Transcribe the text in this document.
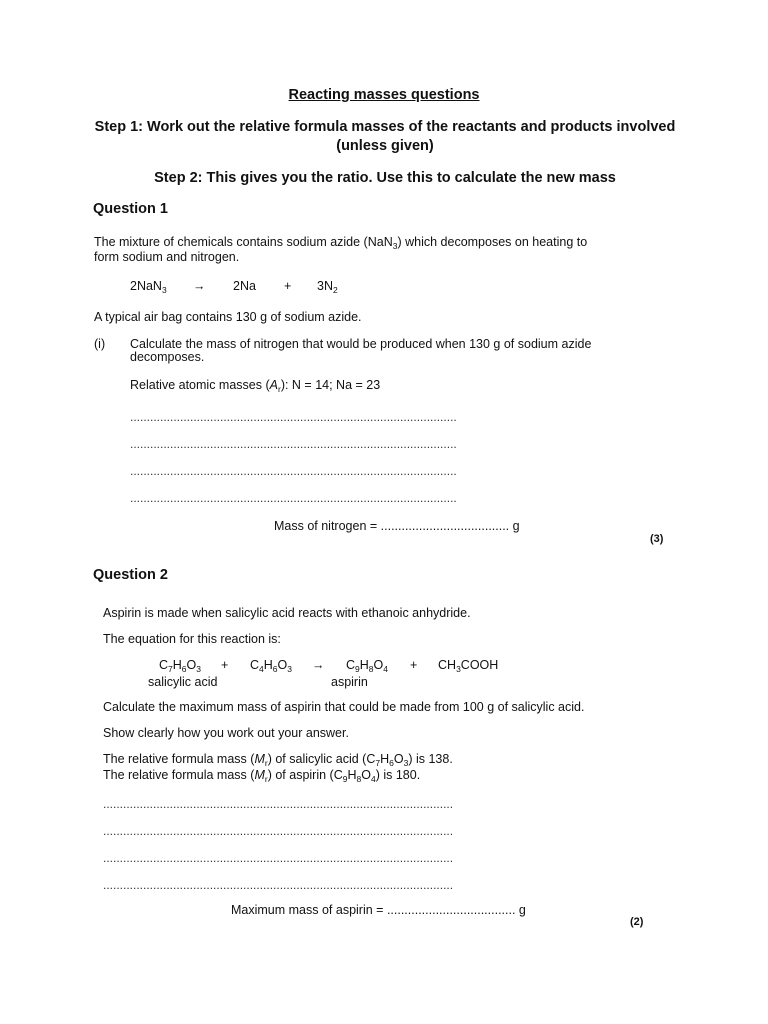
Reacting masses questions
Step 1: Work out the relative formula masses of the reactants and products involved (unless given)
Step 2: This gives you the ratio. Use this to calculate the new mass
Question 1
The mixture of chemicals contains sodium azide (NaN$_3$) which decomposes on heating to
form sodium and nitrogen.
$2NaN_3 \to 2Na + 3N_2$
A typical air bag contains 130 g of sodium azide.
(i) Calculate the mass of nitrogen that would be produced when 130 g of sodium azide
decomposes.
Relative atomic masses $(A_r)$: N = 14; Na = 23
..................................................................................................
..................................................................................................
..................................................................................................
..................................................................................................
Mass of nitrogen = ..................................... g
(3)
Question 2
Aspirin is made when salicylic acid reacts with ethanoic anhydride.
The equation for this reaction is:
$C_7H_6O_3 + C_4H_6O_3 \to C_9H_8O_4$ + $CH_3COOH$
salicylic acid	aspirin
Calculate the maximum mass of aspirin that could be made from 100 g of salicylic acid.
Show clearly how you work out your answer.
The relative formula mass $(M_r)$ of salicylic acid $(C_7H_6O_3)$ is 138.
The relative formula mass $(M_r)$ of aspirin $(C_9H_8O_4)$ is 180.
.........................................................................................................
.........................................................................................................
.........................................................................................................
.........................................................................................................
Maximum mass of aspirin = ..................................... g
(2)
